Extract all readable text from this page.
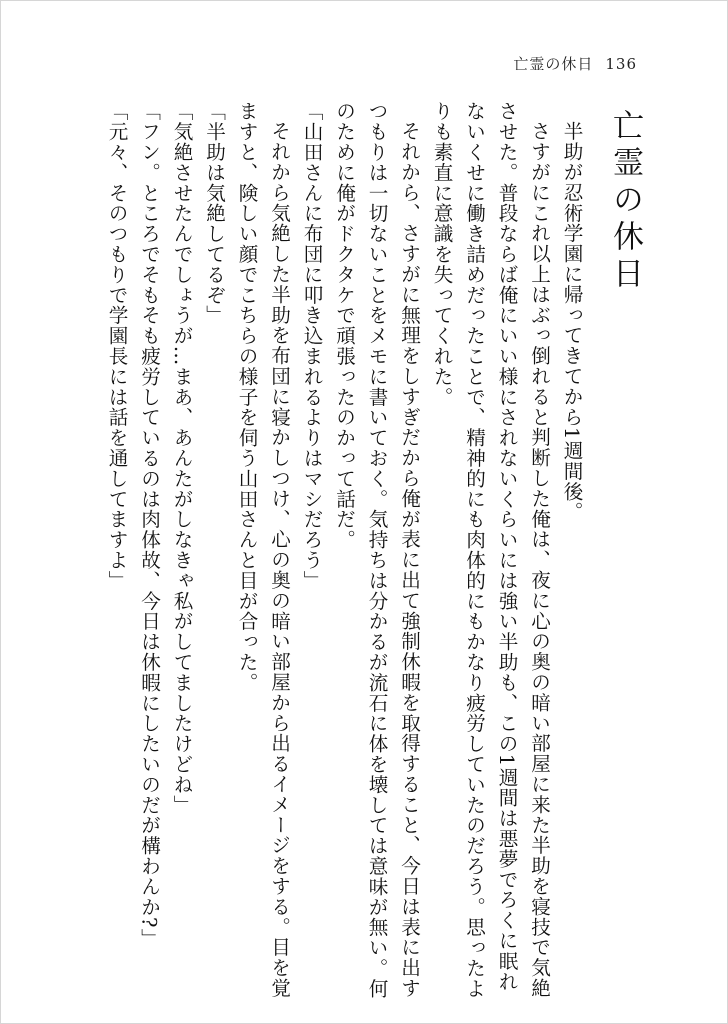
亡霊の休日 136
亡霊の休日

半助が忍術学園に帰ってきてから1週間後。

さすがにこれ以上はぶっ倒れると判断した俺は、夜に心の奥の暗い部屋に来た半助を寝技で気絶させた。普段ならば俺にいい様にされないくらいには強い半助も、この1週間は悪夢でろくに眠れないくせに働き詰めだったことで、精神的にも肉体的にもかなり疲労していたのだろう。思ったよりも素直に意識を失ってくれた。

それから、さすがに無理をしすぎだから俺が表に出て強制休暇を取得すること、今日は表に出すつもりは一切ないことをメモに書いておく。気持ちは分かるが流石に体を壊しては意味が無い。何のために俺がドクタケで頑張ったのかって話だ。

「山田さんに布団に叩き込まれるよりはマシだろう」

それから気絶した半助を布団に寝かしつけ、心の奥の暗い部屋から出るイメージをする。目を覚ますと、険しい顔でこちらの様子を伺う山田さんと目が合った。

「半助は気絶してるぞ」

「気絶させたんでしょうが…まあ、あんたがしなきゃ私がしてましたけどね」

「フン。ところでそもそも疲労しているのは肉体故、今日は休暇にしたいのだが構わんか?」

「元々、そのつもりで学園長には話を通してますよ」
